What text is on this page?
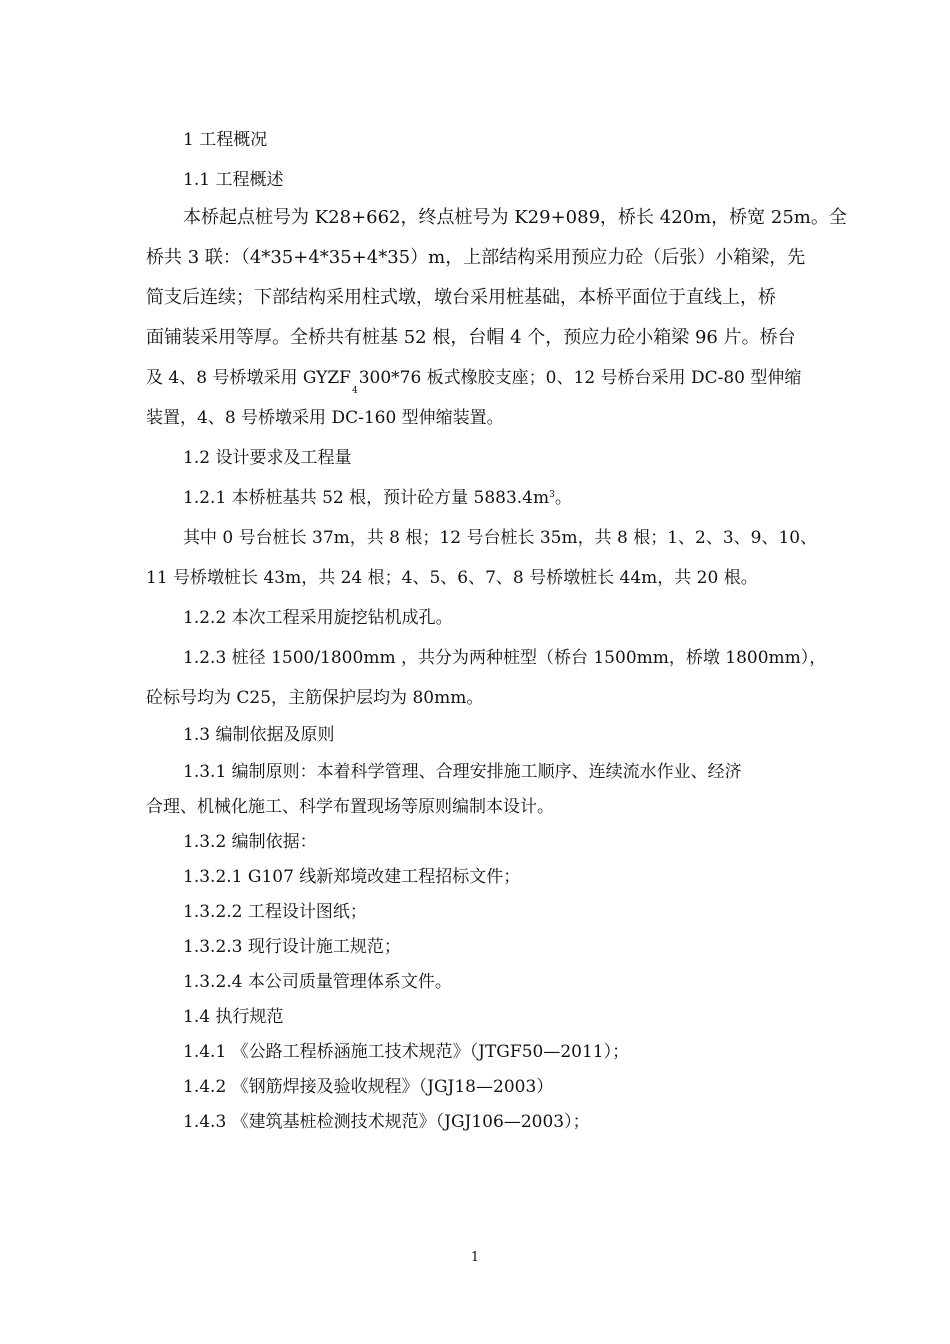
1 工程概况
1.1 工程概述
本桥起点桩号为 K28+662，终点桩号为 K29+089，桥长 420m，桥宽 25m。全
桥共 3 联：（4*35+4*35+4*35）m，上部结构采用预应力砼（后张）小箱梁，先
简支后连续；下部结构采用柱式墩，墩台采用桩基础，本桥平面位于直线上，桥
面铺装采用等厚。全桥共有桩基 52 根，台帽 4 个，预应力砼小箱梁 96 片。桥台
及 4、8 号桥墩采用 $GYZF_4300*76$ 板式橡胶支座；0、12 号桥台采用 DC-80 型伸缩
装置，4、8 号桥墩采用 DC-160 型伸缩装置。
1.2 设计要求及工程量
1.2.1 本桥桩基共 52 根，预计砼方量 $5883.4m^3$。
其中 0 号台桩长 37m，共 8 根；12 号台桩长 35m，共 8 根；1、2、3、9、10、
11 号桥墩桩长 43m，共 24 根；4、5、6、7、8 号桥墩桩长 44m，共 20 根。
1.2.2 本次工程采用旋挖钻机成孔。
1.2.3 桩径 1500/1800mm ，共分为两种桩型（桥台 1500mm，桥墩 1800mm），
砼标号均为 C25，主筋保护层均为 80mm。
1.3 编制依据及原则
1.3.1 编制原则：本着科学管理、合理安排施工顺序、连续流水作业、经济
合理、机械化施工、科学布置现场等原则编制本设计。
1.3.2 编制依据：
1.3.2.1 G107 线新郑境改建工程招标文件；
1.3.2.2 工程设计图纸；
1.3.2.3 现行设计施工规范；
1.3.2.4 本公司质量管理体系文件。
1.4 执行规范
1.4.1 《公路工程桥涵施工技术规范》（JTGF50—2011）；
1.4.2 《钢筋焊接及验收规程》（JGJ18—2003）
1.4.3 《建筑基桩检测技术规范》（JGJ106—2003）；
1
